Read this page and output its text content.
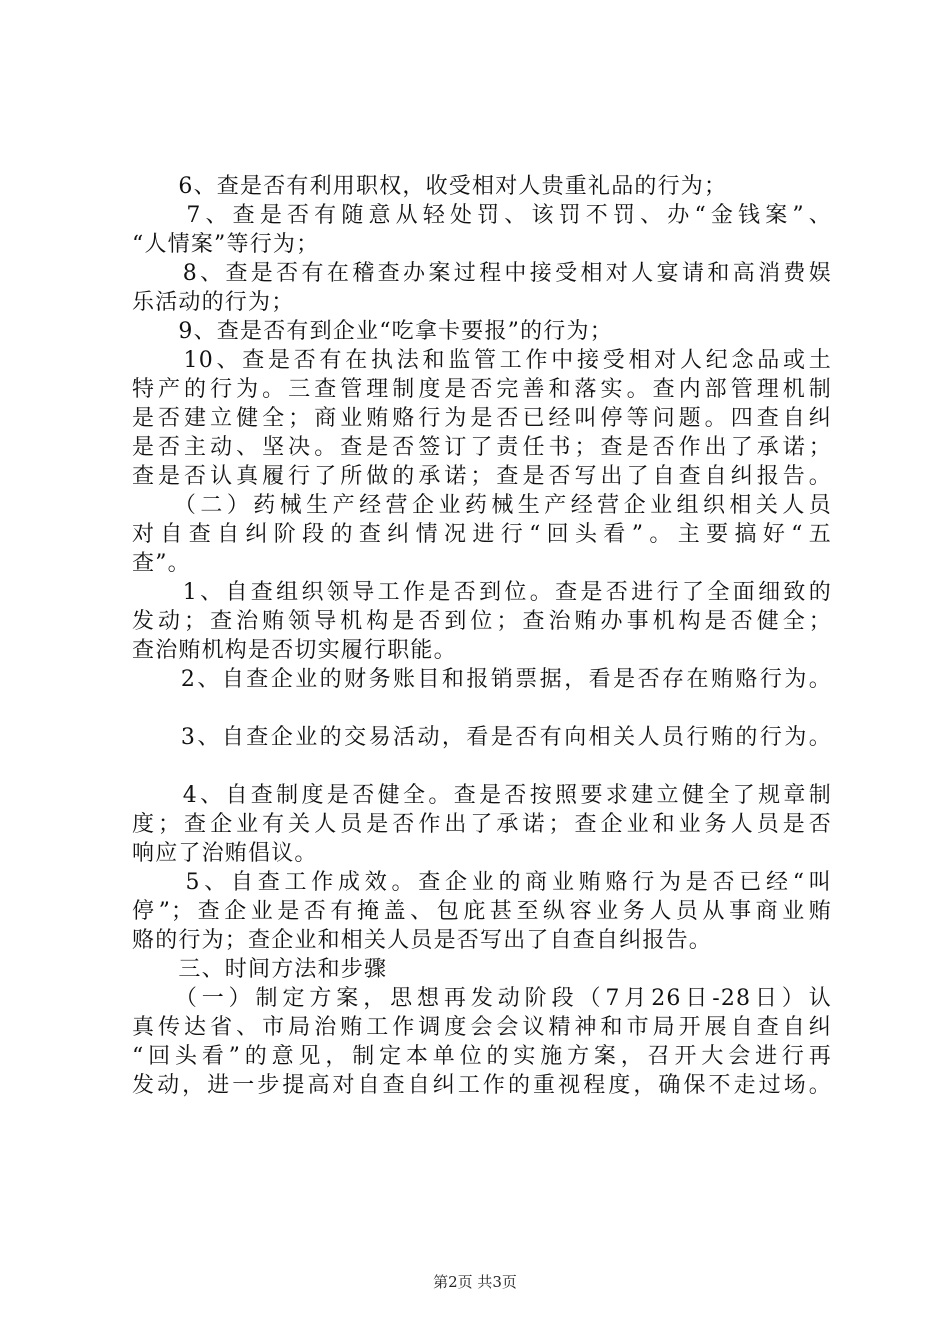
　　6、查是否有利用职权，收受相对人贵重礼品的行为；
　　7、查是否有随意从轻处罚、该罚不罚、办“金钱案”、
“人情案”等行为；
　　8、查是否有在稽查办案过程中接受相对人宴请和高消费娱
乐活动的行为；
　　9、查是否有到企业“吃拿卡要报”的行为；
　　10、查是否有在执法和监管工作中接受相对人纪念品或土
特产的行为。三查管理制度是否完善和落实。查内部管理机制
是否建立健全；商业贿赂行为是否已经叫停等问题。四查自纠
是否主动、坚决。查是否签订了责任书；查是否作出了承诺；
查是否认真履行了所做的承诺；查是否写出了自查自纠报告。
　　（二）药械生产经营企业药械生产经营企业组织相关人员
对自查自纠阶段的查纠情况进行“回头看”。主要搞好“五
查”。
　　1、自查组织领导工作是否到位。查是否进行了全面细致的
发动；查治贿领导机构是否到位；查治贿办事机构是否健全；
查治贿机构是否切实履行职能。
　　2、自查企业的财务账目和报销票据，看是否存在贿赂行为。
　　3、自查企业的交易活动，看是否有向相关人员行贿的行为。
　　4、自查制度是否健全。查是否按照要求建立健全了规章制
度；查企业有关人员是否作出了承诺；查企业和业务人员是否
响应了治贿倡议。
　　5、自查工作成效。查企业的商业贿赂行为是否已经“叫
停”；查企业是否有掩盖、包庇甚至纵容业务人员从事商业贿
赂的行为；查企业和相关人员是否写出了自查自纠报告。
　　三、时间方法和步骤
　　（一）制定方案，思想再发动阶段（7月26日-28日）认
真传达省、市局治贿工作调度会会议精神和市局开展自查自纠
“回头看”的意见，制定本单位的实施方案，召开大会进行再
发动，进一步提高对自查自纠工作的重视程度，确保不走过场。
第2页 共3页
